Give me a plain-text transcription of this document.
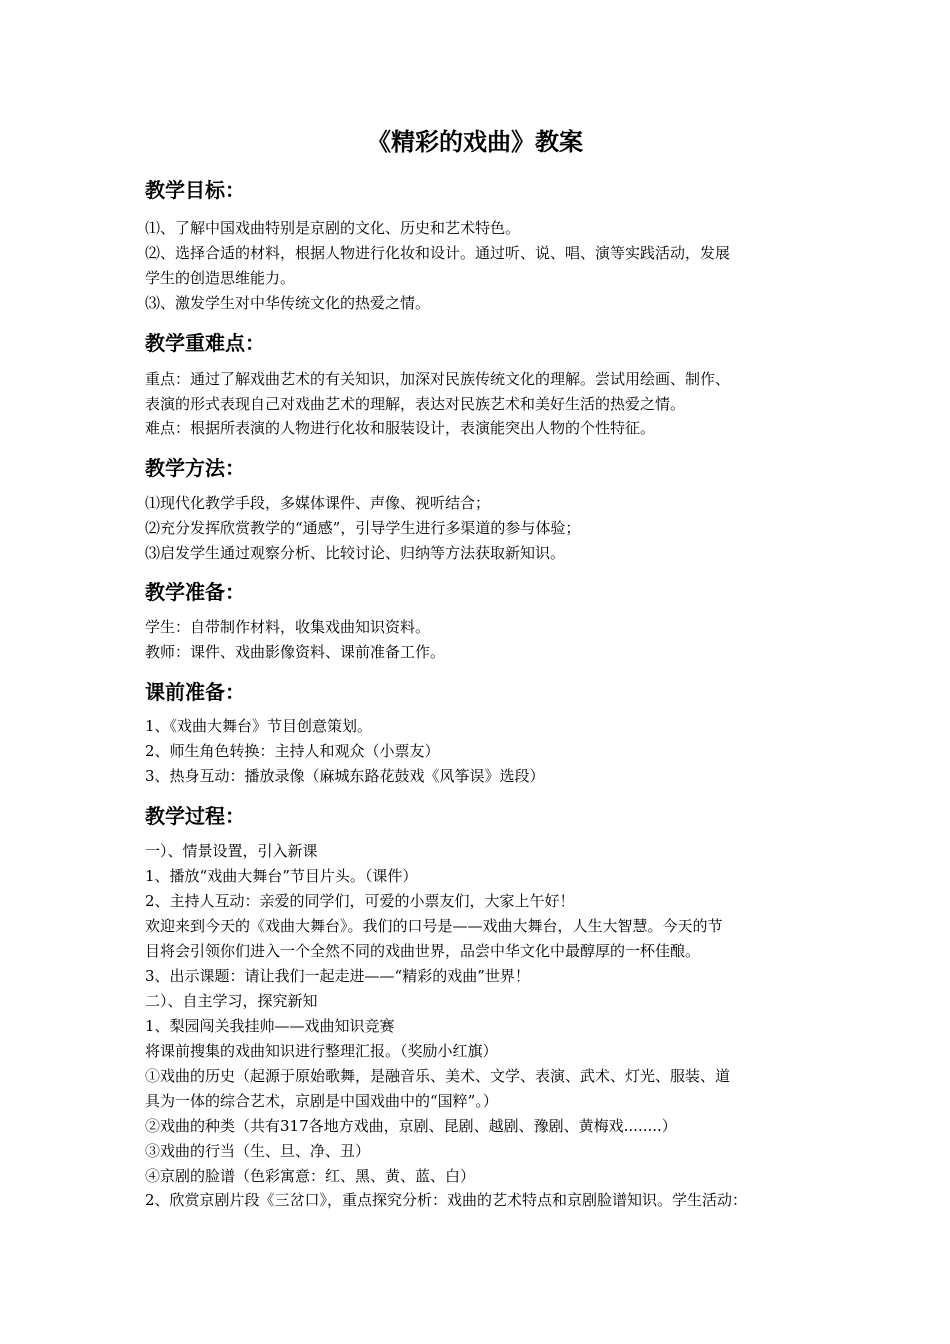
《精彩的戏曲》教案
教学目标：

⑴、了解中国戏曲特别是京剧的文化、历史和艺术特色。

⑵、选择合适的材料，根据人物进行化妆和设计。通过听、说、唱、演等实践活动，发展

学生的创造思维能力。

⑶、激发学生对中华传统文化的热爱之情。

教学重难点：

重点：通过了解戏曲艺术的有关知识，加深对民族传统文化的理解。尝试用绘画、制作、

表演的形式表现自己对戏曲艺术的理解，表达对民族艺术和美好生活的热爱之情。

难点：根据所表演的人物进行化妆和服装设计，表演能突出人物的个性特征。

教学方法：

⑴现代化教学手段，多媒体课件、声像、视听结合；

⑵充分发挥欣赏教学的“通感”，引导学生进行多渠道的参与体验；

⑶启发学生通过观察分析、比较讨论、归纳等方法获取新知识。

教学准备：

学生：自带制作材料，收集戏曲知识资料。

教师：课件、戏曲影像资料、课前准备工作。

课前准备：

1、《戏曲大舞台》节目创意策划。

2、师生角色转换：主持人和观众（小票友）

3、热身互动：播放录像（麻城东路花鼓戏《风筝误》选段）

教学过程：

一）、情景设置，引入新课

1、播放“戏曲大舞台”节目片头。（课件）

2、主持人互动：亲爱的同学们，可爱的小票友们，大家上午好！

欢迎来到今天的《戏曲大舞台》。我们的口号是——戏曲大舞台，人生大智慧。今天的节

目将会引领你们进入一个全然不同的戏曲世界，品尝中华文化中最醇厚的一杯佳酿。

3、出示课题：请让我们一起走进——“精彩的戏曲”世界！

二）、自主学习，探究新知

1、梨园闯关我挂帅——戏曲知识竞赛

将课前搜集的戏曲知识进行整理汇报。（奖励小红旗）

①戏曲的历史（起源于原始歌舞，是融音乐、美术、文学、表演、武术、灯光、服装、道

具为一体的综合艺术，京剧是中国戏曲中的“国粹”。）

②戏曲的种类（共有317各地方戏曲，京剧、昆剧、越剧、豫剧、黄梅戏........）

③戏曲的行当（生、旦、净、丑）

④京剧的脸谱（色彩寓意：红、黑、黄、蓝、白）

2、欣赏京剧片段《三岔口》，重点探究分析：戏曲的艺术特点和京剧脸谱知识。学生活动：
